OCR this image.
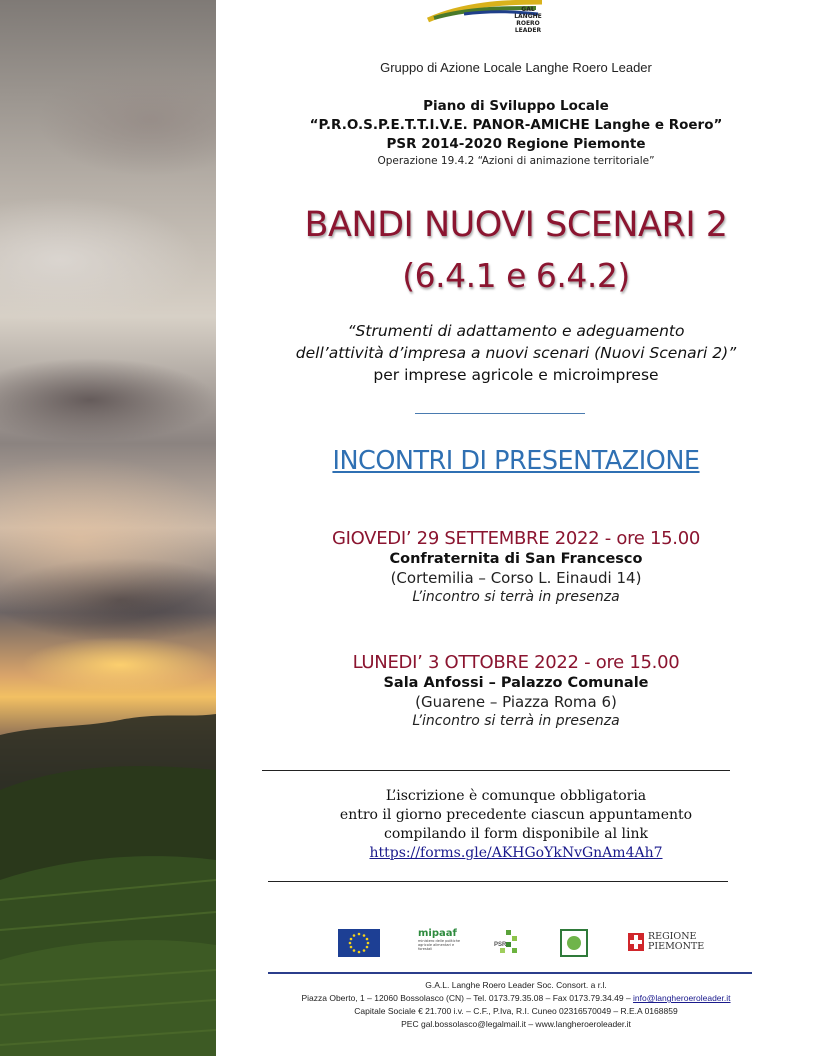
GAL LANGHE ROERO LEADER
Gruppo di Azione Locale Langhe Roero Leader
Piano di Sviluppo Locale
“P.R.O.S.P.E.T.T.I.V.E. PANOR-AMICHE Langhe e Roero”
PSR 2014-2020 Regione Piemonte
Operazione 19.4.2 “Azioni di animazione territoriale”
BANDI NUOVI SCENARI 2
(6.4.1 e 6.4.2)
“Strumenti di adattamento e adeguamento
dell’attività d’impresa a nuovi scenari (Nuovi Scenari 2)”
per imprese agricole e microimprese
INCONTRI DI PRESENTAZIONE
GIOVEDI’ 29 SETTEMBRE 2022 - ore 15.00
Confraternita di San Francesco
(Cortemilia – Corso L. Einaudi 14)
L’incontro si terrà in presenza
LUNEDI’ 3 OTTOBRE 2022 - ore 15.00
Sala Anfossi – Palazzo Comunale
(Guarene – Piazza Roma 6)
L’incontro si terrà in presenza
L’iscrizione è comunque obbligatoria
entro il giorno precedente ciascun appuntamento
compilando il form disponibile al link
https://forms.gle/AKHGoYkNvGnAm4Ah7
mipaaf
ministero delle politiche agricole alimentari e forestali
PSR
REGIONE PIEMONTE
G.A.L. Langhe Roero Leader Soc. Consort. a r.l.
Piazza Oberto, 1 – 12060 Bossolasco (CN) – Tel. 0173.79.35.08 – Fax 0173.79.34.49 – info@langheroeroleader.it
Capitale Sociale € 21.700 i.v. – C.F., P.Iva, R.I. Cuneo 02316570049 – R.E.A 0168859
PEC gal.bossolasco@legalmail.it – www.langheroeroleader.it
